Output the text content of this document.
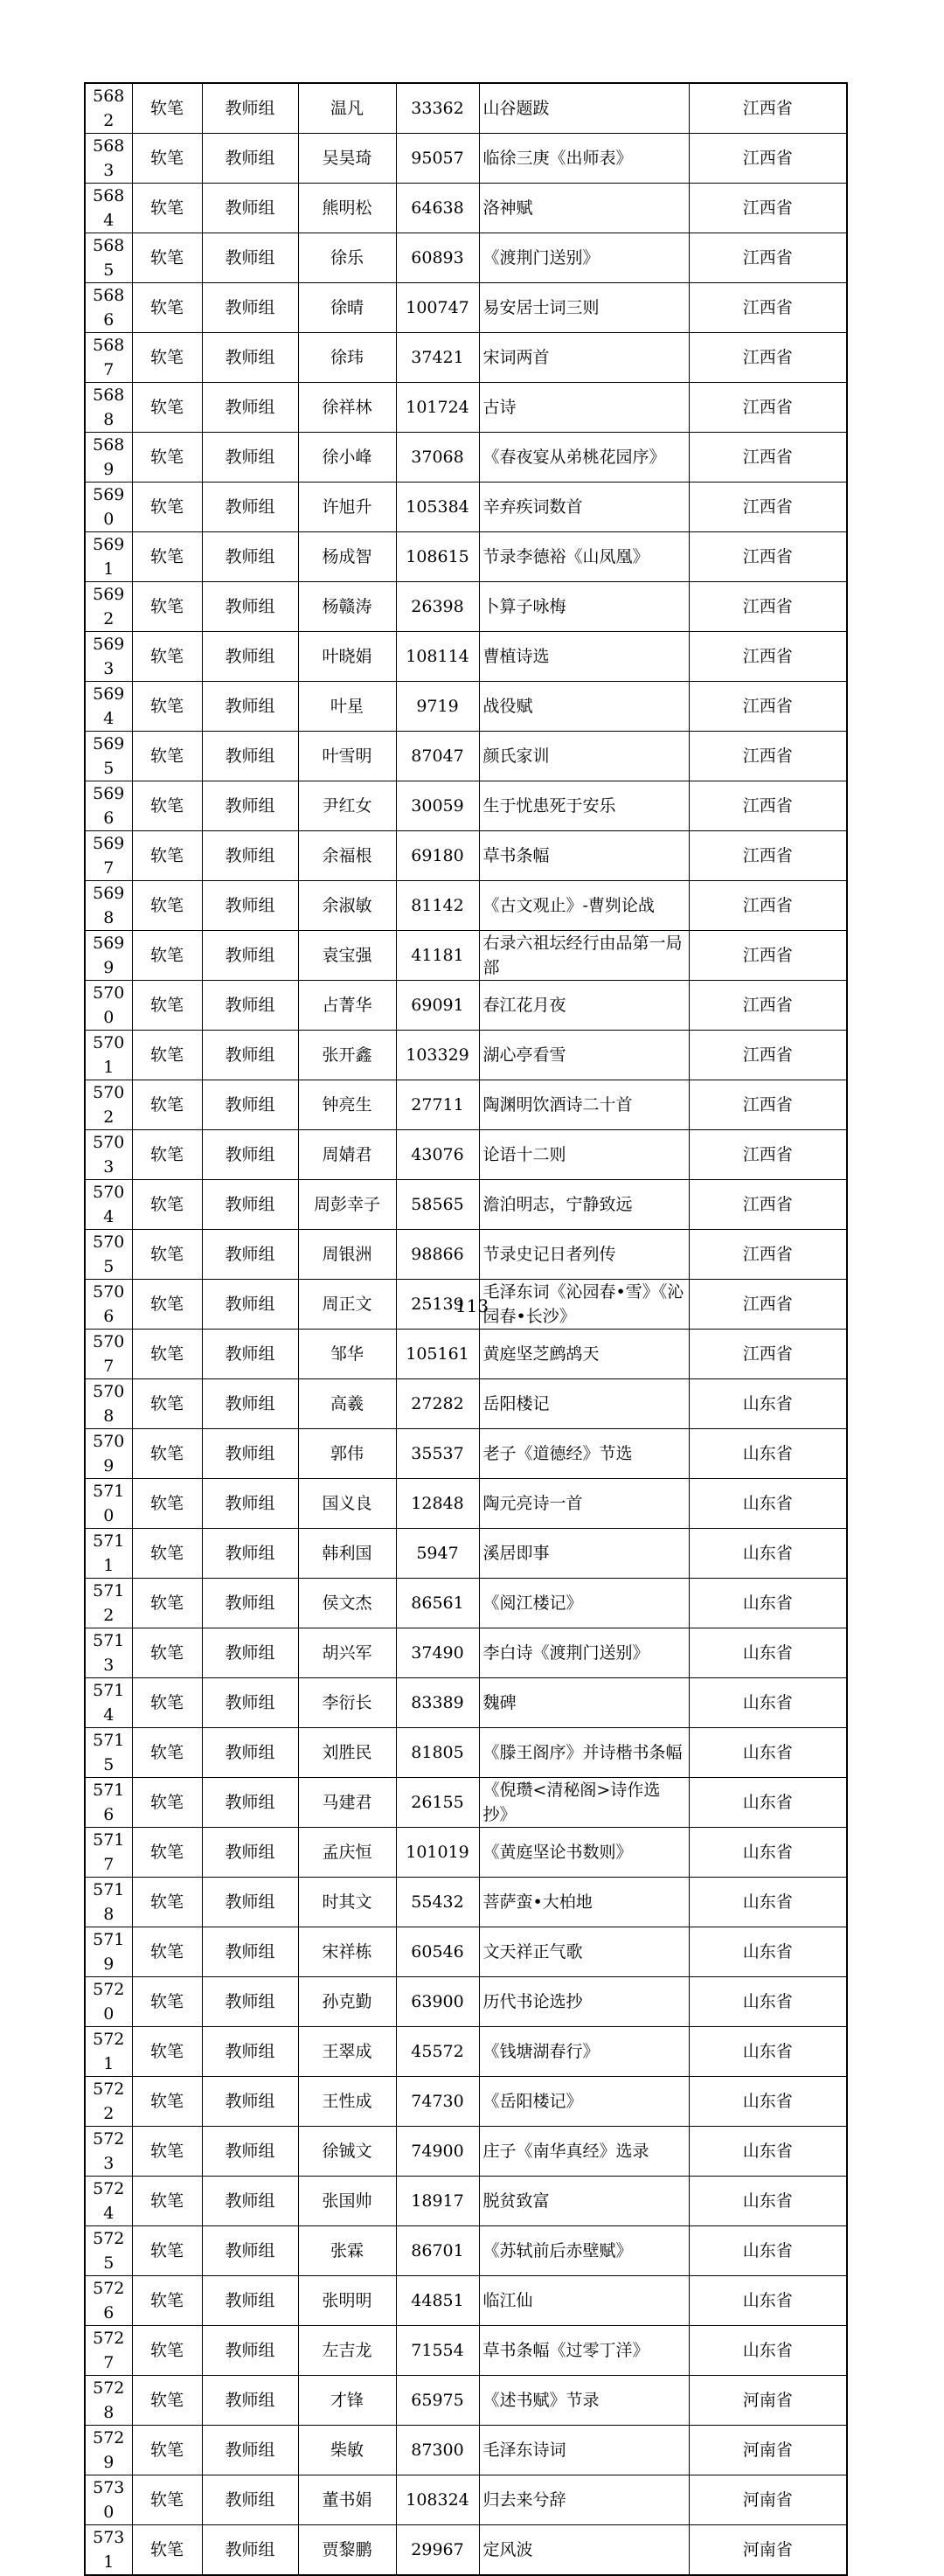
5682	软笔	教师组	温凡	33362	山谷题跋	江西省
5683	软笔	教师组	吴昊琦	95057	临徐三庚《出师表》	江西省
5684	软笔	教师组	熊明松	64638	洛神赋	江西省
5685	软笔	教师组	徐乐	60893	《渡荆门送别》	江西省
5686	软笔	教师组	徐晴	100747	易安居士词三则	江西省
5687	软笔	教师组	徐玮	37421	宋词两首	江西省
5688	软笔	教师组	徐祥林	101724	古诗	江西省
5689	软笔	教师组	徐小峰	37068	《春夜宴从弟桃花园序》	江西省
5690	软笔	教师组	许旭升	105384	辛弃疾词数首	江西省
5691	软笔	教师组	杨成智	108615	节录李德裕《山凤凰》	江西省
5692	软笔	教师组	杨赣涛	26398	卜算子咏梅	江西省
5693	软笔	教师组	叶晓娟	108114	曹植诗选	江西省
5694	软笔	教师组	叶星	9719	战役赋	江西省
5695	软笔	教师组	叶雪明	87047	颜氏家训	江西省
5696	软笔	教师组	尹红女	30059	生于忧患死于安乐	江西省
5697	软笔	教师组	余福根	69180	草书条幅	江西省
5698	软笔	教师组	余淑敏	81142	《古文观止》-曹刿论战	江西省
5699	软笔	教师组	袁宝强	41181	右录六祖坛经行由品第一局部	江西省
5700	软笔	教师组	占菁华	69091	春江花月夜	江西省
5701	软笔	教师组	张开鑫	103329	湖心亭看雪	江西省
5702	软笔	教师组	钟亮生	27711	陶渊明饮酒诗二十首	江西省
5703	软笔	教师组	周婧君	43076	论语十二则	江西省
5704	软笔	教师组	周彭幸子	58565	澹泊明志，宁静致远	江西省
5705	软笔	教师组	周银洲	98866	节录史记日者列传	江西省
5706	软笔	教师组	周正文	25139	毛泽东词《沁园春•雪》《沁园春•长沙》	江西省
5707	软笔	教师组	邹华	105161	黄庭坚芝鹧鸪天	江西省
5708	软笔	教师组	高羲	27282	岳阳楼记	山东省
5709	软笔	教师组	郭伟	35537	老子《道德经》节选	山东省
5710	软笔	教师组	国义良	12848	陶元亮诗一首	山东省
5711	软笔	教师组	韩利国	5947	溪居即事	山东省
5712	软笔	教师组	侯文杰	86561	《阅江楼记》	山东省
5713	软笔	教师组	胡兴军	37490	李白诗《渡荆门送别》	山东省
5714	软笔	教师组	李衍长	83389	魏碑	山东省
5715	软笔	教师组	刘胜民	81805	《滕王阁序》并诗楷书条幅	山东省
5716	软笔	教师组	马建君	26155	《倪瓒<清秘阁>诗作选抄》	山东省
5717	软笔	教师组	孟庆恒	101019	《黄庭坚论书数则》	山东省
5718	软笔	教师组	时其文	55432	菩萨蛮•大柏地	山东省
5719	软笔	教师组	宋祥栋	60546	文天祥正气歌	山东省
5720	软笔	教师组	孙克勤	63900	历代书论选抄	山东省
5721	软笔	教师组	王翠成	45572	《钱塘湖春行》	山东省
5722	软笔	教师组	王性成	74730	《岳阳楼记》	山东省
5723	软笔	教师组	徐铖文	74900	庄子《南华真经》选录	山东省
5724	软笔	教师组	张国帅	18917	脱贫致富	山东省
5725	软笔	教师组	张霖	86701	《苏轼前后赤壁赋》	山东省
5726	软笔	教师组	张明明	44851	临江仙	山东省
5727	软笔	教师组	左吉龙	71554	草书条幅《过零丁洋》	山东省
5728	软笔	教师组	才锋	65975	《述书赋》节录	河南省
5729	软笔	教师组	柴敏	87300	毛泽东诗词	河南省
5730	软笔	教师组	董书娟	108324	归去来兮辞	河南省
5731	软笔	教师组	贾黎鹏	29967	定风波	河南省
113
